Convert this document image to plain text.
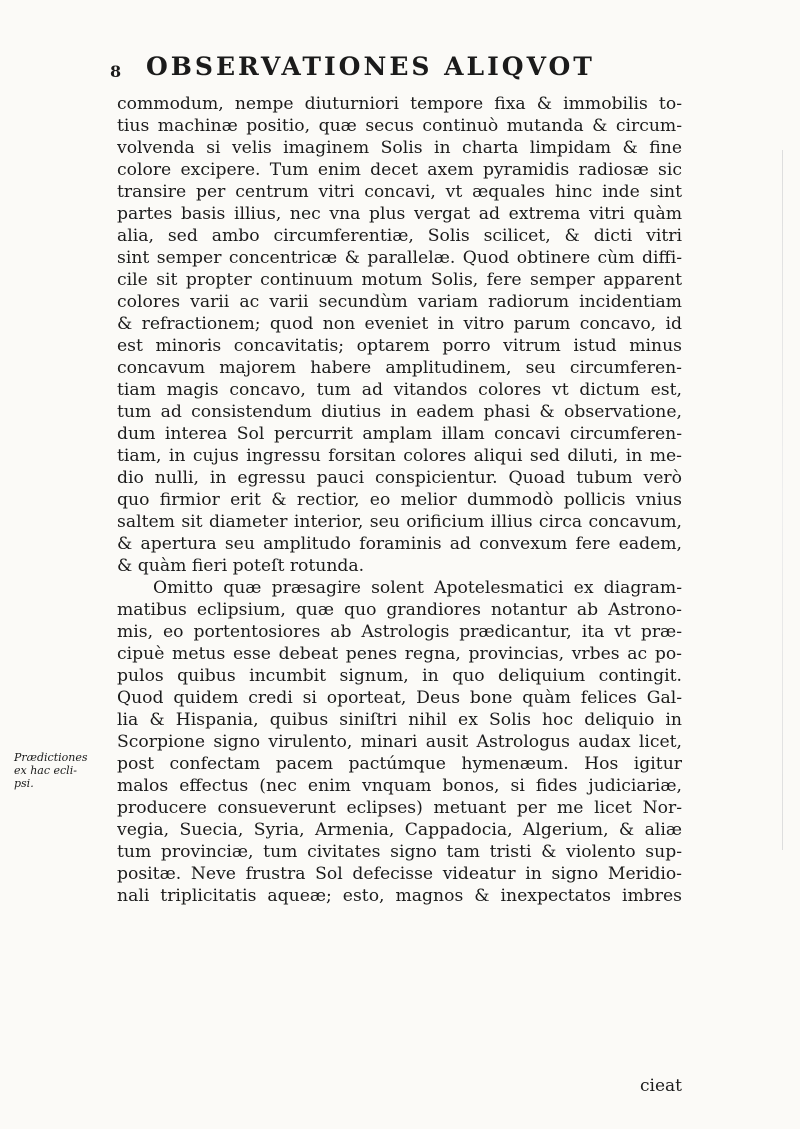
8 OBSERVATIONES ALIQVOT
commodum, nempe diuturniori tempore fixa & immobilis to-
tius machinæ positio, quæ secus continuò mutanda & circum-
volvenda si velis imaginem Solis in charta limpidam & fine
colore excipere. Tum enim decet axem pyramidis radiosæ sic
transire per centrum vitri concavi, vt æquales hinc inde sint
partes basis illius, nec vna plus vergat ad extrema vitri quàm
alia, sed ambo circumferentiæ, Solis scilicet, & dicti vitri
sint semper concentricæ & parallelæ. Quod obtinere cùm diffi-
cile sit propter continuum motum Solis, fere semper apparent
colores varii ac varii secundùm variam radiorum incidentiam
& refractionem; quod non eveniet in vitro parum concavo, id
est minoris concavitatis; optarem porro vitrum istud minus
concavum majorem habere amplitudinem, seu circumferen-
tiam magis concavo, tum ad vitandos colores vt dictum est,
tum ad consistendum diutius in eadem phasi & observatione,
dum interea Sol percurrit amplam illam concavi circumferen-
tiam, in cujus ingressu forsitan colores aliqui sed diluti, in me-
dio nulli, in egressu pauci conspicientur. Quoad tubum verò
quo firmior erit & rectior, eo melior dummodò pollicis vnius
saltem sit diameter interior, seu orificium illius circa concavum,
& apertura seu amplitudo foraminis ad convexum fere eadem,
& quàm fieri poteſt rotunda.
Omitto quæ præsagire solent Apotelesmatici ex diagram-
matibus eclipsium, quæ quo grandiores notantur ab Astrono-
mis, eo portentosiores ab Astrologis prædicantur, ita vt præ-
cipuè metus esse debeat penes regna, provincias, vrbes ac po-
pulos quibus incumbit signum, in quo deliquium contingit.
Quod quidem credi si oporteat, Deus bone quàm felices Gal-
lia & Hispania, quibus siniſtri nihil ex Solis hoc deliquio in
Scorpione signo virulento, minari ausit Astrologus audax licet,
post confectam pacem pactúmque hymenæum. Hos igitur
malos effectus (nec enim vnquam bonos, si fides judiciariæ,
producere consueverunt eclipses) metuant per me licet Nor-
vegia, Suecia, Syria, Armenia, Cappadocia, Algerium, & aliæ
tum provinciæ, tum civitates signo tam tristi & violento sup-
positæ. Neve frustra Sol defecisse videatur in signo Meridio-
nali triplicitatis aqueæ; esto, magnos & inexpectatos imbres
Prædictiones
ex hac ecli-
psi.
cieat
